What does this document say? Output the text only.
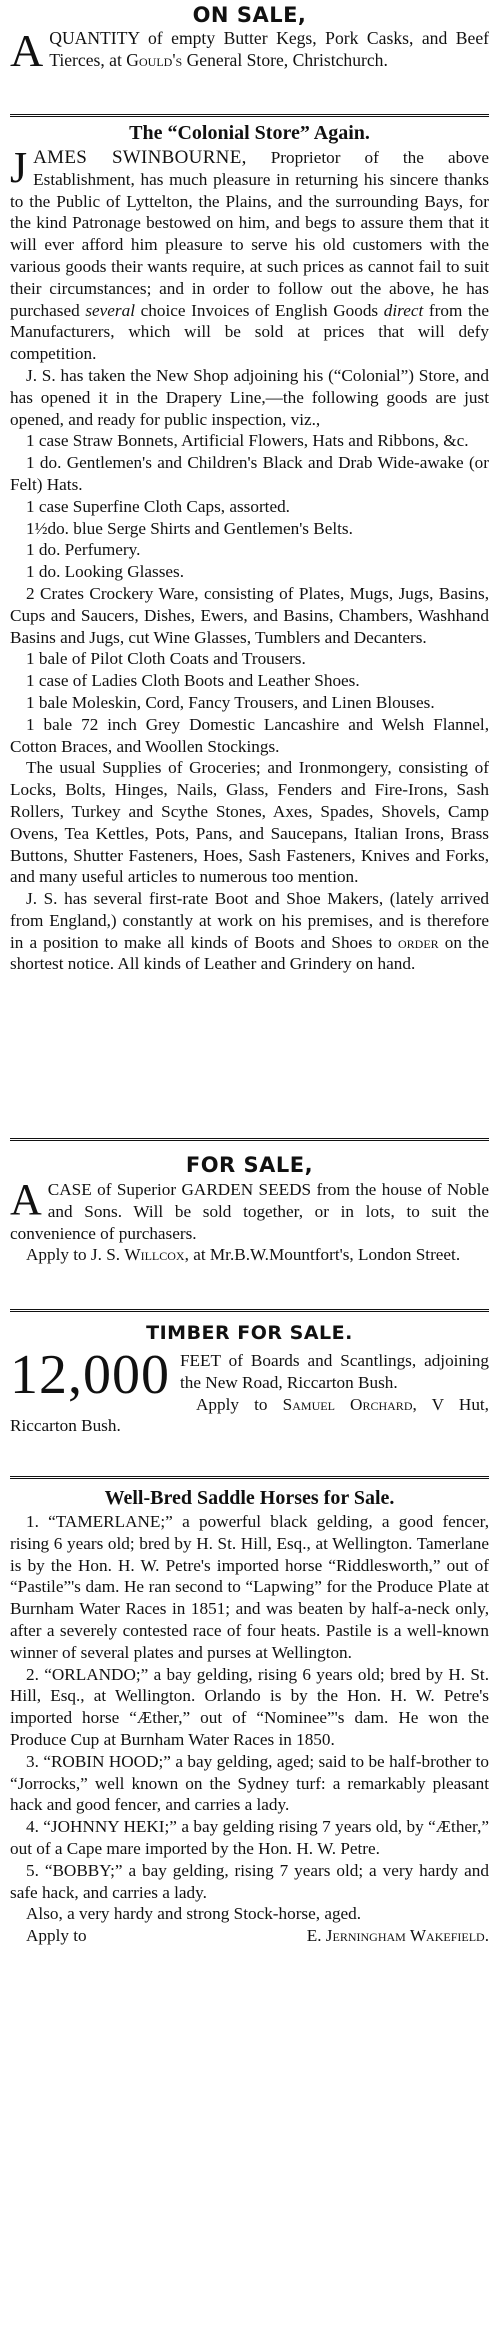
ON SALE,

AQUANTITY of empty Butter Kegs, Pork Casks, and Beef Tierces, at Gould's General Store, Christchurch.

The “Colonial Store” Again.

JAMES SWINBOURNE, Proprietor of the above Establishment, has much pleasure in returning his sincere thanks to the Public of Lyttelton, the Plains, and the surrounding Bays, for the kind Patronage bestowed on him, and begs to assure them that it will ever afford him pleasure to serve his old customers with the various goods their wants require, at such prices as cannot fail to suit their circumstances; and in order to follow out the above, he has purchased several choice Invoices of English Goods direct from the Manufacturers, which will be sold at prices that will defy competition.

J. S. has taken the New Shop adjoining his (“Colonial”) Store, and has opened it in the Drapery Line,—the following goods are just opened, and ready for public inspection, viz.,

1 case Straw Bonnets, Artificial Flowers, Hats and Ribbons, &c.

1 do. Gentlemen's and Children's Black and Drab Wide-awake (or Felt) Hats.

1 case Superfine Cloth Caps, assorted.

1½do. blue Serge Shirts and Gentlemen's Belts.

1 do. Perfumery.

1 do. Looking Glasses.

2 Crates Crockery Ware, consisting of Plates, Mugs, Jugs, Basins, Cups and Saucers, Dishes, Ewers, and Basins, Chambers, Washhand Basins and Jugs, cut Wine Glasses, Tumblers and Decanters.

1 bale of Pilot Cloth Coats and Trousers.

1 case of Ladies Cloth Boots and Leather Shoes.

1 bale Moleskin, Cord, Fancy Trousers, and Linen Blouses.

1 bale 72 inch Grey Domestic Lancashire and Welsh Flannel, Cotton Braces, and Woollen Stockings.

The usual Supplies of Groceries; and Ironmongery, consisting of Locks, Bolts, Hinges, Nails, Glass, Fenders and Fire-Irons, Sash Rollers, Turkey and Scythe Stones, Axes, Spades, Shovels, Camp Ovens, Tea Kettles, Pots, Pans, and Saucepans, Italian Irons, Brass Buttons, Shutter Fasteners, Hoes, Sash Fasteners, Knives and Forks, and many useful articles to numerous too mention.

J. S. has several first-rate Boot and Shoe Makers, (lately arrived from England,) constantly at work on his premises, and is therefore in a position to make all kinds of Boots and Shoes to order on the shortest notice. All kinds of Leather and Grindery on hand.

FOR SALE,

ACASE of Superior GARDEN SEEDS from the house of Noble and Sons. Will be sold together, or in lots, to suit the convenience of purchasers.

Apply to J. S. Willcox, at Mr.B.W.Mountfort's, London Street.

TIMBER FOR SALE.

12,000 FEET of Boards and Scantlings, adjoining the New Road, Riccarton Bush.

Apply to Samuel Orchard, V Hut, Riccarton Bush.

Well-Bred Saddle Horses for Sale.

1. “TAMERLANE;” a powerful black gelding, a good fencer, rising 6 years old; bred by H. St. Hill, Esq., at Wellington. Tamerlane is by the Hon. H. W. Petre's imported horse “Riddlesworth,” out of “Pastile”'s dam. He ran second to “Lapwing” for the Produce Plate at Burnham Water Races in 1851; and was beaten by half-a-neck only, after a severely contested race of four heats. Pastile is a well-known winner of several plates and purses at Wellington.

2. “ORLANDO;” a bay gelding, rising 6 years old; bred by H. St. Hill, Esq., at Wellington. Orlando is by the Hon. H. W. Petre's imported horse “Æther,” out of “Nominee”'s dam. He won the Produce Cup at Burnham Water Races in 1850.

3. “ROBIN HOOD;” a bay gelding, aged; said to be half-brother to “Jorrocks,” well known on the Sydney turf: a remarkably pleasant hack and good fencer, and carries a lady.

4. “JOHNNY HEKI;” a bay gelding rising 7 years old, by “Æther,” out of a Cape mare imported by the Hon. H. W. Petre.

5. “BOBBY;” a bay gelding, rising 7 years old; a very hardy and safe hack, and carries a lady.

Also, a very hardy and strong Stock-horse, aged.

Apply to	E. Jerningham Wakefield.
